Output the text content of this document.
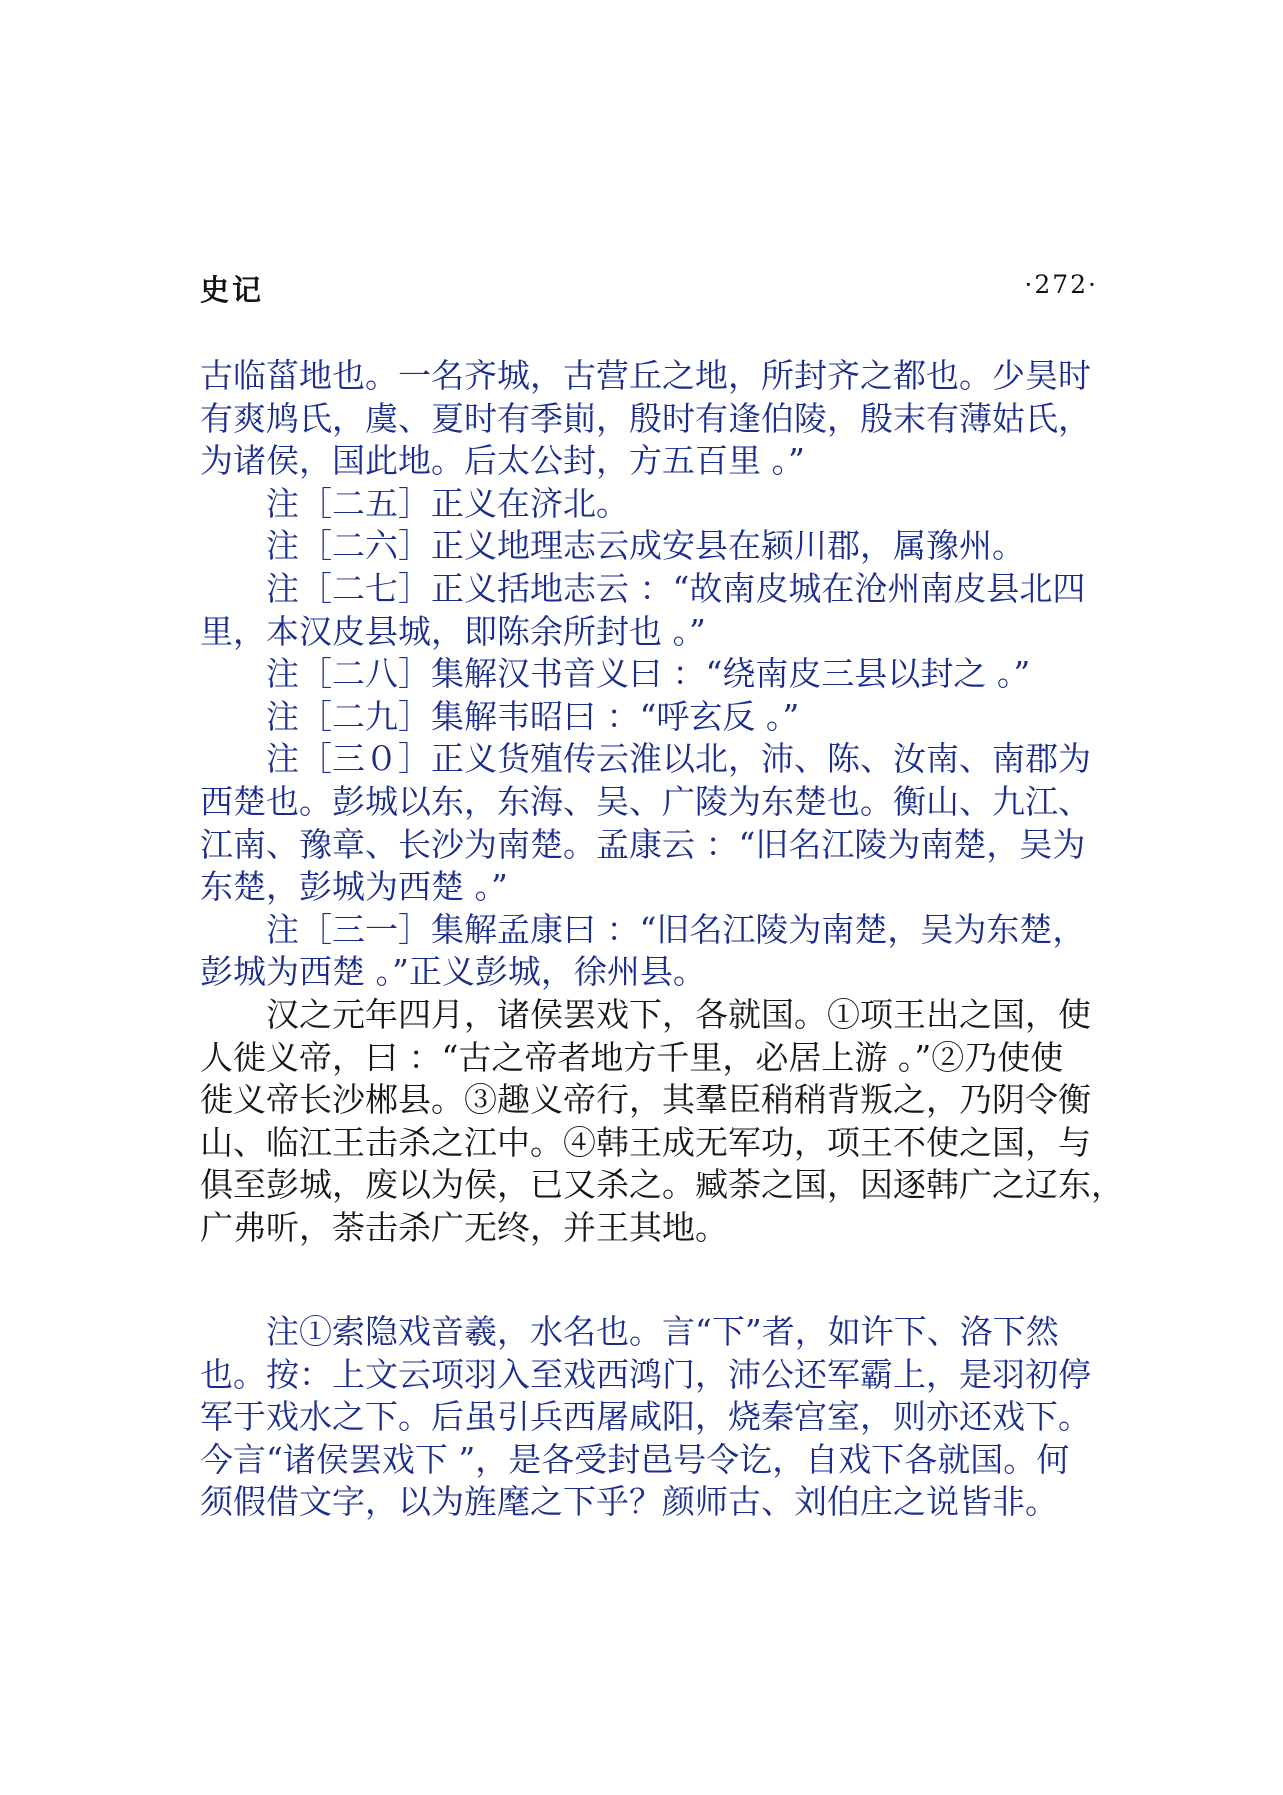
史记	·272·
古临菑地也。一名齐城，古营丘之地，所封齐之都也。少昊时
有爽鸠氏，虞、夏时有季崱，殷时有逢伯陵，殷末有薄姑氏，
为诸侯，国此地。后太公封，方五百里 。”
注［二五］正义在济北。
注［二六］正义地理志云成安县在颍川郡，属豫州。
注［二七］正义括地志云 ：“故南皮城在沧州南皮县北四
里，本汉皮县城，即陈余所封也 。”
注［二八］集解汉书音义曰 ：“绕南皮三县以封之 。”
注［二九］集解韦昭曰 ：“呼玄反 。”
注［三０］正义货殖传云淮以北，沛、陈、汝南、南郡为
西楚也。彭城以东，东海、吴、广陵为东楚也。衡山、九江、
江南、豫章、长沙为南楚。孟康云 ：“旧名江陵为南楚，吴为
东楚，彭城为西楚 。”
注［三一］集解孟康曰 ：“旧名江陵为南楚，吴为东楚，
彭城为西楚 。”正义彭城，徐州县。
汉之元年四月，诸侯罢戏下，各就国。①项王出之国，使
人徙义帝，曰 ：“古之帝者地方千里，必居上游 。”②乃使使
徙义帝长沙郴县。③趣义帝行，其羣臣稍稍背叛之，乃阴令衡
山、临江王击杀之江中。④韩王成无军功，项王不使之国，与
俱至彭城，废以为侯，已又杀之。臧荼之国，因逐韩广之辽东，
广弗听，荼击杀广无终，并王其地。
注①索隐戏音羲，水名也。言“下”者，如许下、洛下然
也。按：上文云项羽入至戏西鸿门，沛公还军霸上，是羽初停
军于戏水之下。后虽引兵西屠咸阳，烧秦宫室，则亦还戏下。
今言“诸侯罢戏下 ”，是各受封邑号令讫，自戏下各就国。何
须假借文字，以为旌麾之下乎？颜师古、刘伯庄之说皆非。
